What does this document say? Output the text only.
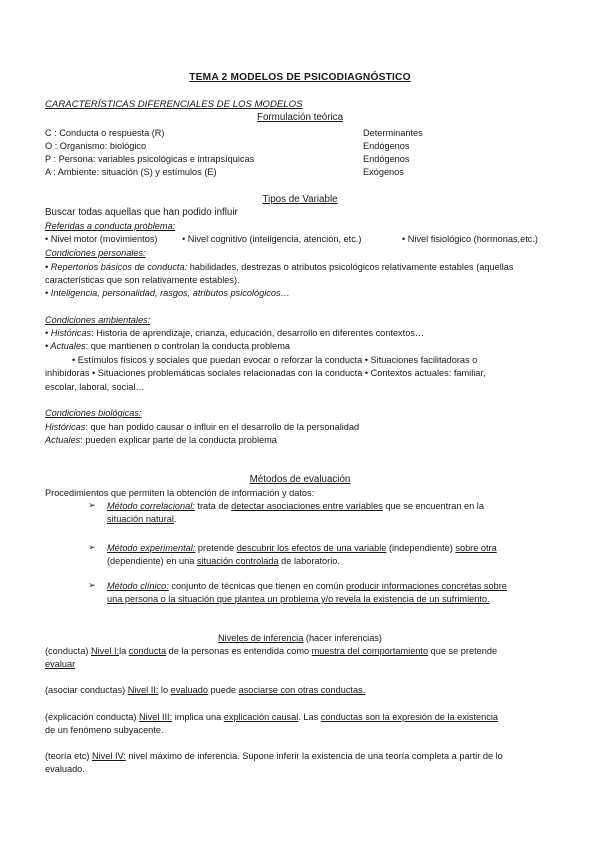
TEMA 2 MODELOS DE PSICODIAGNÓSTICO
CARACTERÍSTICAS DIFERENCIALES DE LOS MODELOS
Formulación teórica
C : Conducta o respuesta (R)	Determinantes
O : Organismo: biológico	Endógenos
P : Persona: variables psicológicas e intrapsíquicas	Endógenos
A : Ambiente: situación (S) y estímulos (E)	Exógenos
Tipos de Variable
Buscar todas aquellas que han podido influir
Referidas a conducta problema:
• Nivel motor (movimientos)	• Nivel cognitivo (inteligencia, atención, etc.)	• Nivel fisiológico (hormonas,etc.)
Condiciones personales:
• Repertorios básicos de conducta: habilidades, destrezas o atributos psicológicos relativamente estables (aquellas
características que son relativamente estables).
• Inteligencia, personalidad, rasgos, atributos psicológicos…
Condiciones ambientales:
• Históricas: Historia de aprendizaje, crianza, educación, desarrollo en diferentes contextos…
• Actuales: que mantienen o controlan la conducta problema
• Estímulos físicos y sociales que puedan evocar o reforzar la conducta • Situaciones facilitadoras o
inhibidoras • Situaciones problemáticas sociales relacionadas con la conducta • Contextos actuales: familiar,
escolar, laboral, social…
Condiciones biológicas:
Históricas: que han podido causar o influir en el desarrollo de la personalidad
Actuales: pueden explicar parte de la conducta problema
Métodos de evaluación
Procedimientos que permiten la obtención de información y datos:
➢	Método correlacional: trata de detectar asociaciones entre variables que se encuentran en la
situación natural.
➢	Método experimental: pretende descubrir los efectos de una variable (independiente) sobre otra
(dependiente) en una situación controlada de laboratorio.
➢	Método clínico: conjunto de técnicas que tienen en común producir informaciones concretas sobre
una persona o la situación que plantea un problema y/o revela la existencia de un sufrimiento.
Niveles de inferencia (hacer inferencias)
(conducta) Nivel I:la conducta de la personas es entendida como muestra del comportamiento que se pretende
evaluar
(asociar conductas) Nivel II: lo evaluado puede asociarse con otras conductas.
(explicación conducta) Nivel III: implica una explicación causal. Las conductas son la expresión de la existencia
de un fenómeno subyacente.
(teoría etc) Nivel IV: nivel máximo de inferencia. Supone inferir la existencia de una teoría completa a partir de lo
evaluado.
